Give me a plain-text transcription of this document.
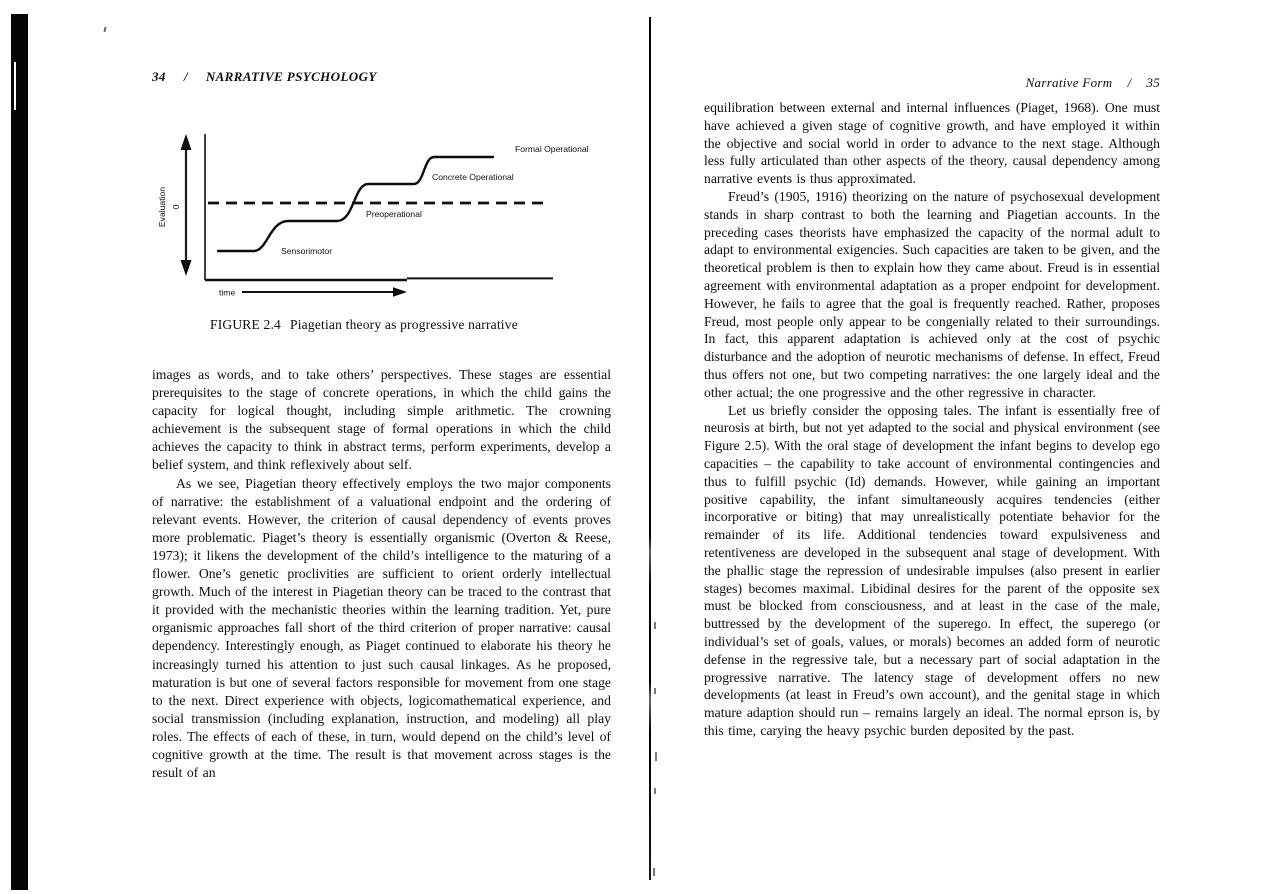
34 / NARRATIVE PSYCHOLOGY
Evaluation 0
Sensorimotor
Preoperational
Concrete Operational
Formal Operational
time
FIGURE 2.4 Piagetian theory as progressive narrative

images as words, and to take others’ perspectives. These stages are essential prerequisites to the stage of concrete operations, in which the child gains the capacity for logical thought, including simple arithmetic. The crowning achievement is the subsequent stage of formal operations in which the child achieves the capacity to think in abstract terms, perform experiments, develop a belief system, and think reflexively about self.

As we see, Piagetian theory effectively employs the two major components of narrative: the establishment of a valuational endpoint and the ordering of relevant events. However, the criterion of causal dependency of events proves more problematic. Piaget’s theory is essentially organismic (Overton & Reese, 1973); it likens the development of the child’s intelligence to the maturing of a flower. One’s genetic proclivities are sufficient to orient orderly intellectual growth. Much of the interest in Piagetian theory can be traced to the contrast that it provided with the mechanistic theories within the learning tradition. Yet, pure organismic approaches fall short of the third criterion of proper narrative: causal dependency. Interestingly enough, as Piaget continued to elaborate his theory he increasingly turned his attention to just such causal linkages. As he proposed, maturation is but one of several factors responsible for movement from one stage to the next. Direct experience with objects, logicomathematical experience, and social transmission (including explanation, instruction, and modeling) all play roles. The effects of each of these, in turn, would depend on the child’s level of cognitive growth at the time. The result is that movement across stages is the result of an

Narrative Form / 35

equilibration between external and internal influences (Piaget, 1968). One must have achieved a given stage of cognitive growth, and have employed it within the objective and social world in order to advance to the next stage. Although less fully articulated than other aspects of the theory, causal dependency among narrative events is thus approximated.

Freud’s (1905, 1916) theorizing on the nature of psychosexual development stands in sharp contrast to both the learning and Piagetian accounts. In the preceding cases theorists have emphasized the capacity of the normal adult to adapt to environmental exigencies. Such capacities are taken to be given, and the theoretical problem is then to explain how they came about. Freud is in essential agreement with environmental adaptation as a proper endpoint for development. However, he fails to agree that the goal is frequently reached. Rather, proposes Freud, most people only appear to be congenially related to their surroundings. In fact, this apparent adaptation is achieved only at the cost of psychic disturbance and the adoption of neurotic mechanisms of defense. In effect, Freud thus offers not one, but two competing narratives: the one largely ideal and the other actual; the one progressive and the other regressive in character.

Let us briefly consider the opposing tales. The infant is essentially free of neurosis at birth, but not yet adapted to the social and physical environment (see Figure 2.5). With the oral stage of development the infant begins to develop ego capacities – the capability to take account of environmental contingencies and thus to fulfill psychic (Id) demands. However, while gaining an important positive capability, the infant simultaneously acquires tendencies (either incorporative or biting) that may unrealistically potentiate behavior for the remainder of its life. Additional tendencies toward expulsiveness and retentiveness are developed in the subsequent anal stage of development. With the phallic stage the repression of undesirable impulses (also present in earlier stages) becomes maximal. Libidinal desires for the parent of the opposite sex must be blocked from consciousness, and at least in the case of the male, buttressed by the development of the superego. In effect, the superego (or individual’s set of goals, values, or morals) becomes an added form of neurotic defense in the regressive tale, but a necessary part of social adaptation in the progressive narrative. The latency stage of development offers no new developments (at least in Freud’s own account), and the genital stage in which mature adaption should run – remains largely an ideal. The normal eprson is, by this time, carying the heavy psychic burden deposited by the past.
